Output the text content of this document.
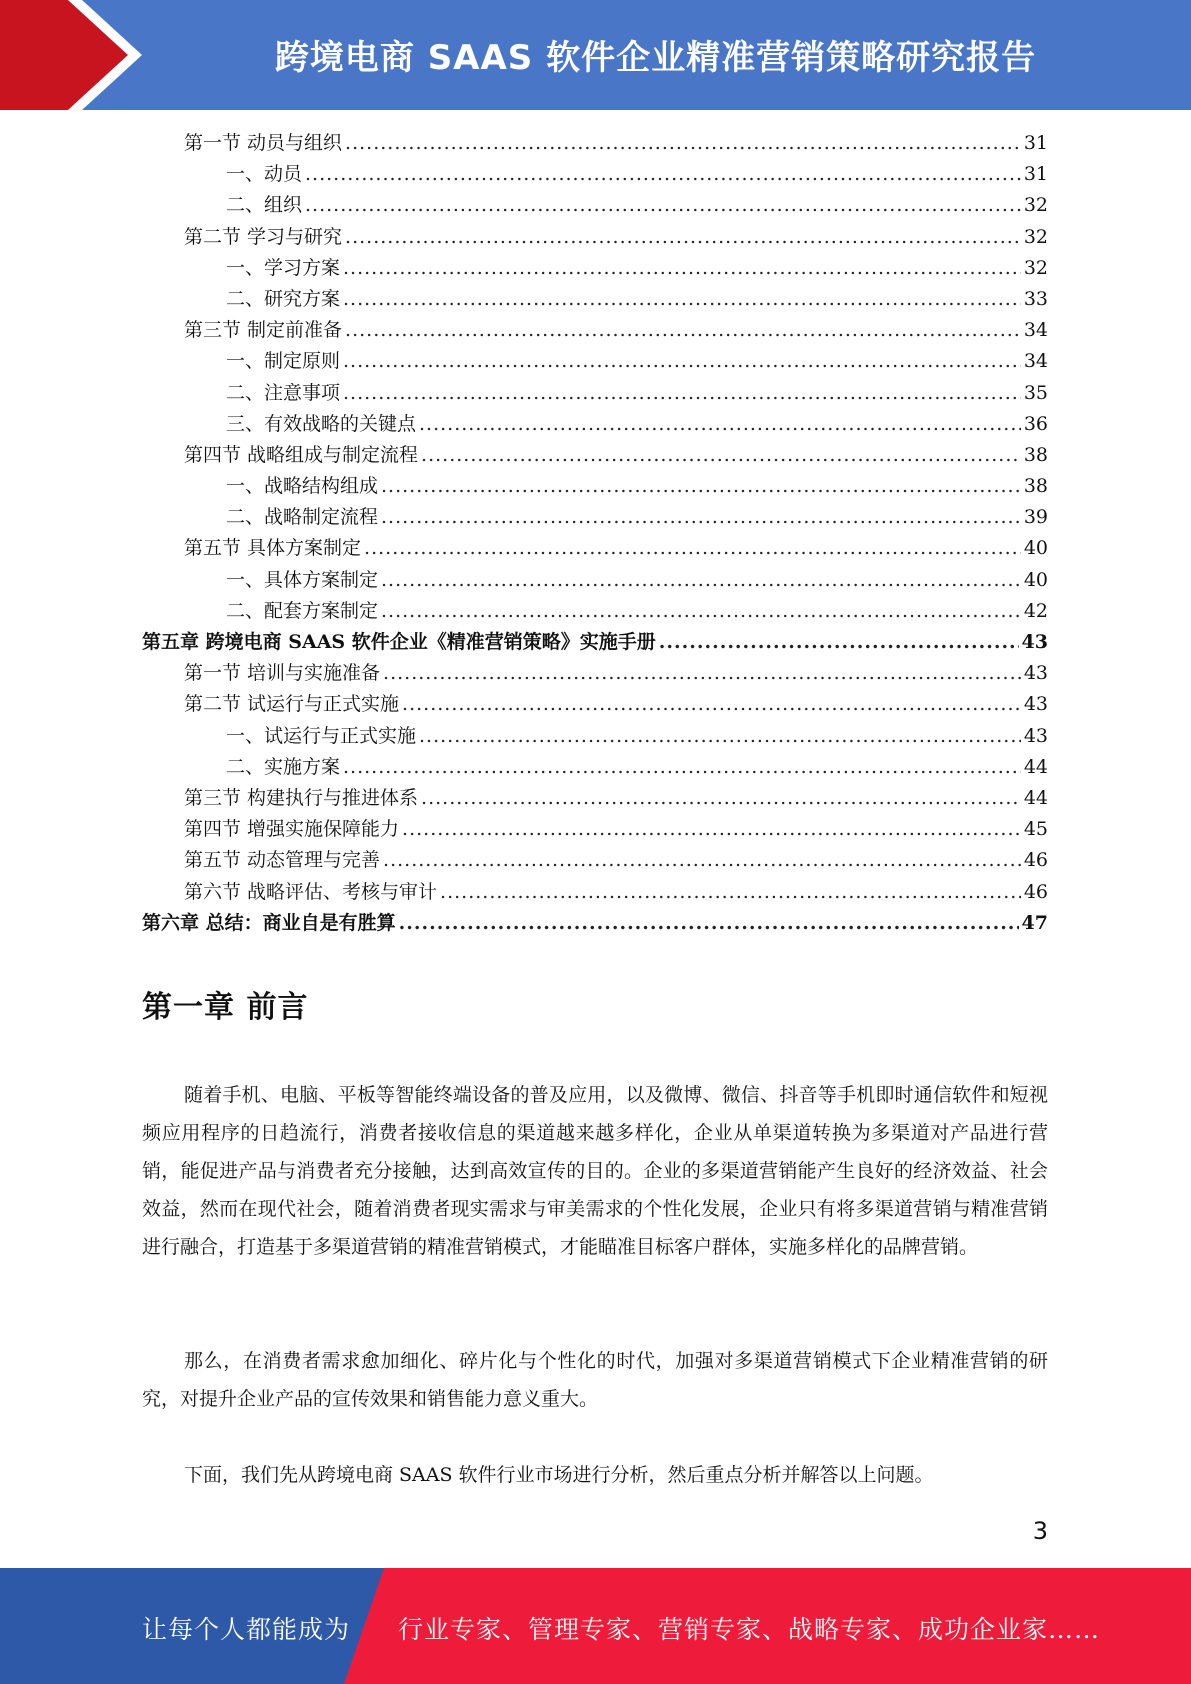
跨境电商 SAAS 软件企业精准营销策略研究报告
第一节 动员与组织 .....	31
一、动员 .....	31
二、组织 .....	32
第二节 学习与研究 .....	32
一、学习方案 .....	32
二、研究方案 .....	33
第三节 制定前准备 .....	34
一、制定原则 .....	34
二、注意事项 .....	35
三、有效战略的关键点 .....	36
第四节 战略组成与制定流程 .....	38
一、战略结构组成 .....	38
二、战略制定流程 .....	39
第五节 具体方案制定 .....	40
一、具体方案制定 .....	40
二、配套方案制定 .....	42
第五章 跨境电商 SAAS 软件企业《精准营销策略》实施手册 .....	43
第一节 培训与实施准备 .....	43
第二节 试运行与正式实施 .....	43
一、试运行与正式实施 .....	43
二、实施方案 .....	44
第三节 构建执行与推进体系 .....	44
第四节 增强实施保障能力 .....	45
第五节 动态管理与完善 .....	46
第六节 战略评估、考核与审计 .....	46
第六章 总结：商业自是有胜算 .....	47
第一章 前言

随着手机、电脑、平板等智能终端设备的普及应用，以及微博、微信、抖音等手机即时通信软件和短视频应用程序的日趋流行，消费者接收信息的渠道越来越多样化，企业从单渠道转换为多渠道对产品进行营销，能促进产品与消费者充分接触，达到高效宣传的目的。企业的多渠道营销能产生良好的经济效益、社会效益，然而在现代社会，随着消费者现实需求与审美需求的个性化发展，企业只有将多渠道营销与精准营销进行融合，打造基于多渠道营销的精准营销模式，才能瞄准目标客户群体，实施多样化的品牌营销。

那么，在消费者需求愈加细化、碎片化与个性化的时代，加强对多渠道营销模式下企业精准营销的研究，对提升企业产品的宣传效果和销售能力意义重大。

下面，我们先从跨境电商 SAAS 软件行业市场进行分析，然后重点分析并解答以上问题。

3
让每个人都能成为 行业专家、管理专家、营销专家、战略专家、成功企业家……
